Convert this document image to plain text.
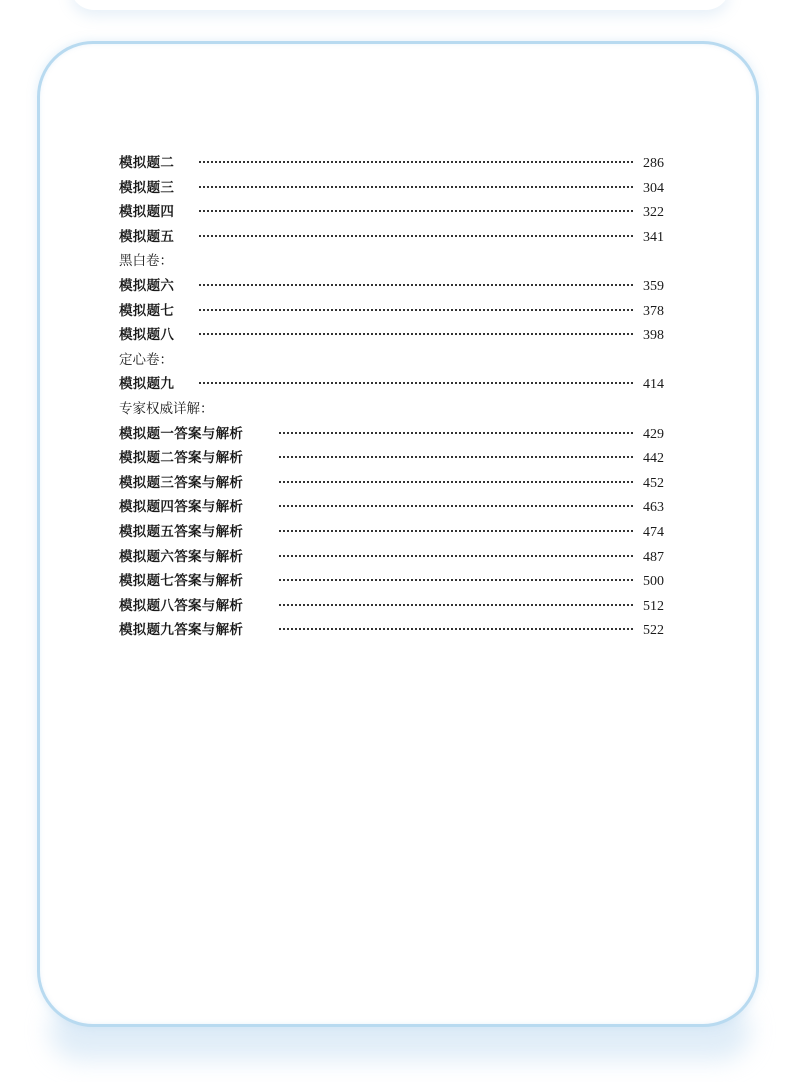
模拟题二	286
模拟题三	304
模拟题四	322
模拟题五	341
黑白卷：
模拟题六	359
模拟题七	378
模拟题八	398
定心卷：
模拟题九	414
专家权威详解：
模拟题一答案与解析	429
模拟题二答案与解析	442
模拟题三答案与解析	452
模拟题四答案与解析	463
模拟题五答案与解析	474
模拟题六答案与解析	487
模拟题七答案与解析	500
模拟题八答案与解析	512
模拟题九答案与解析	522
